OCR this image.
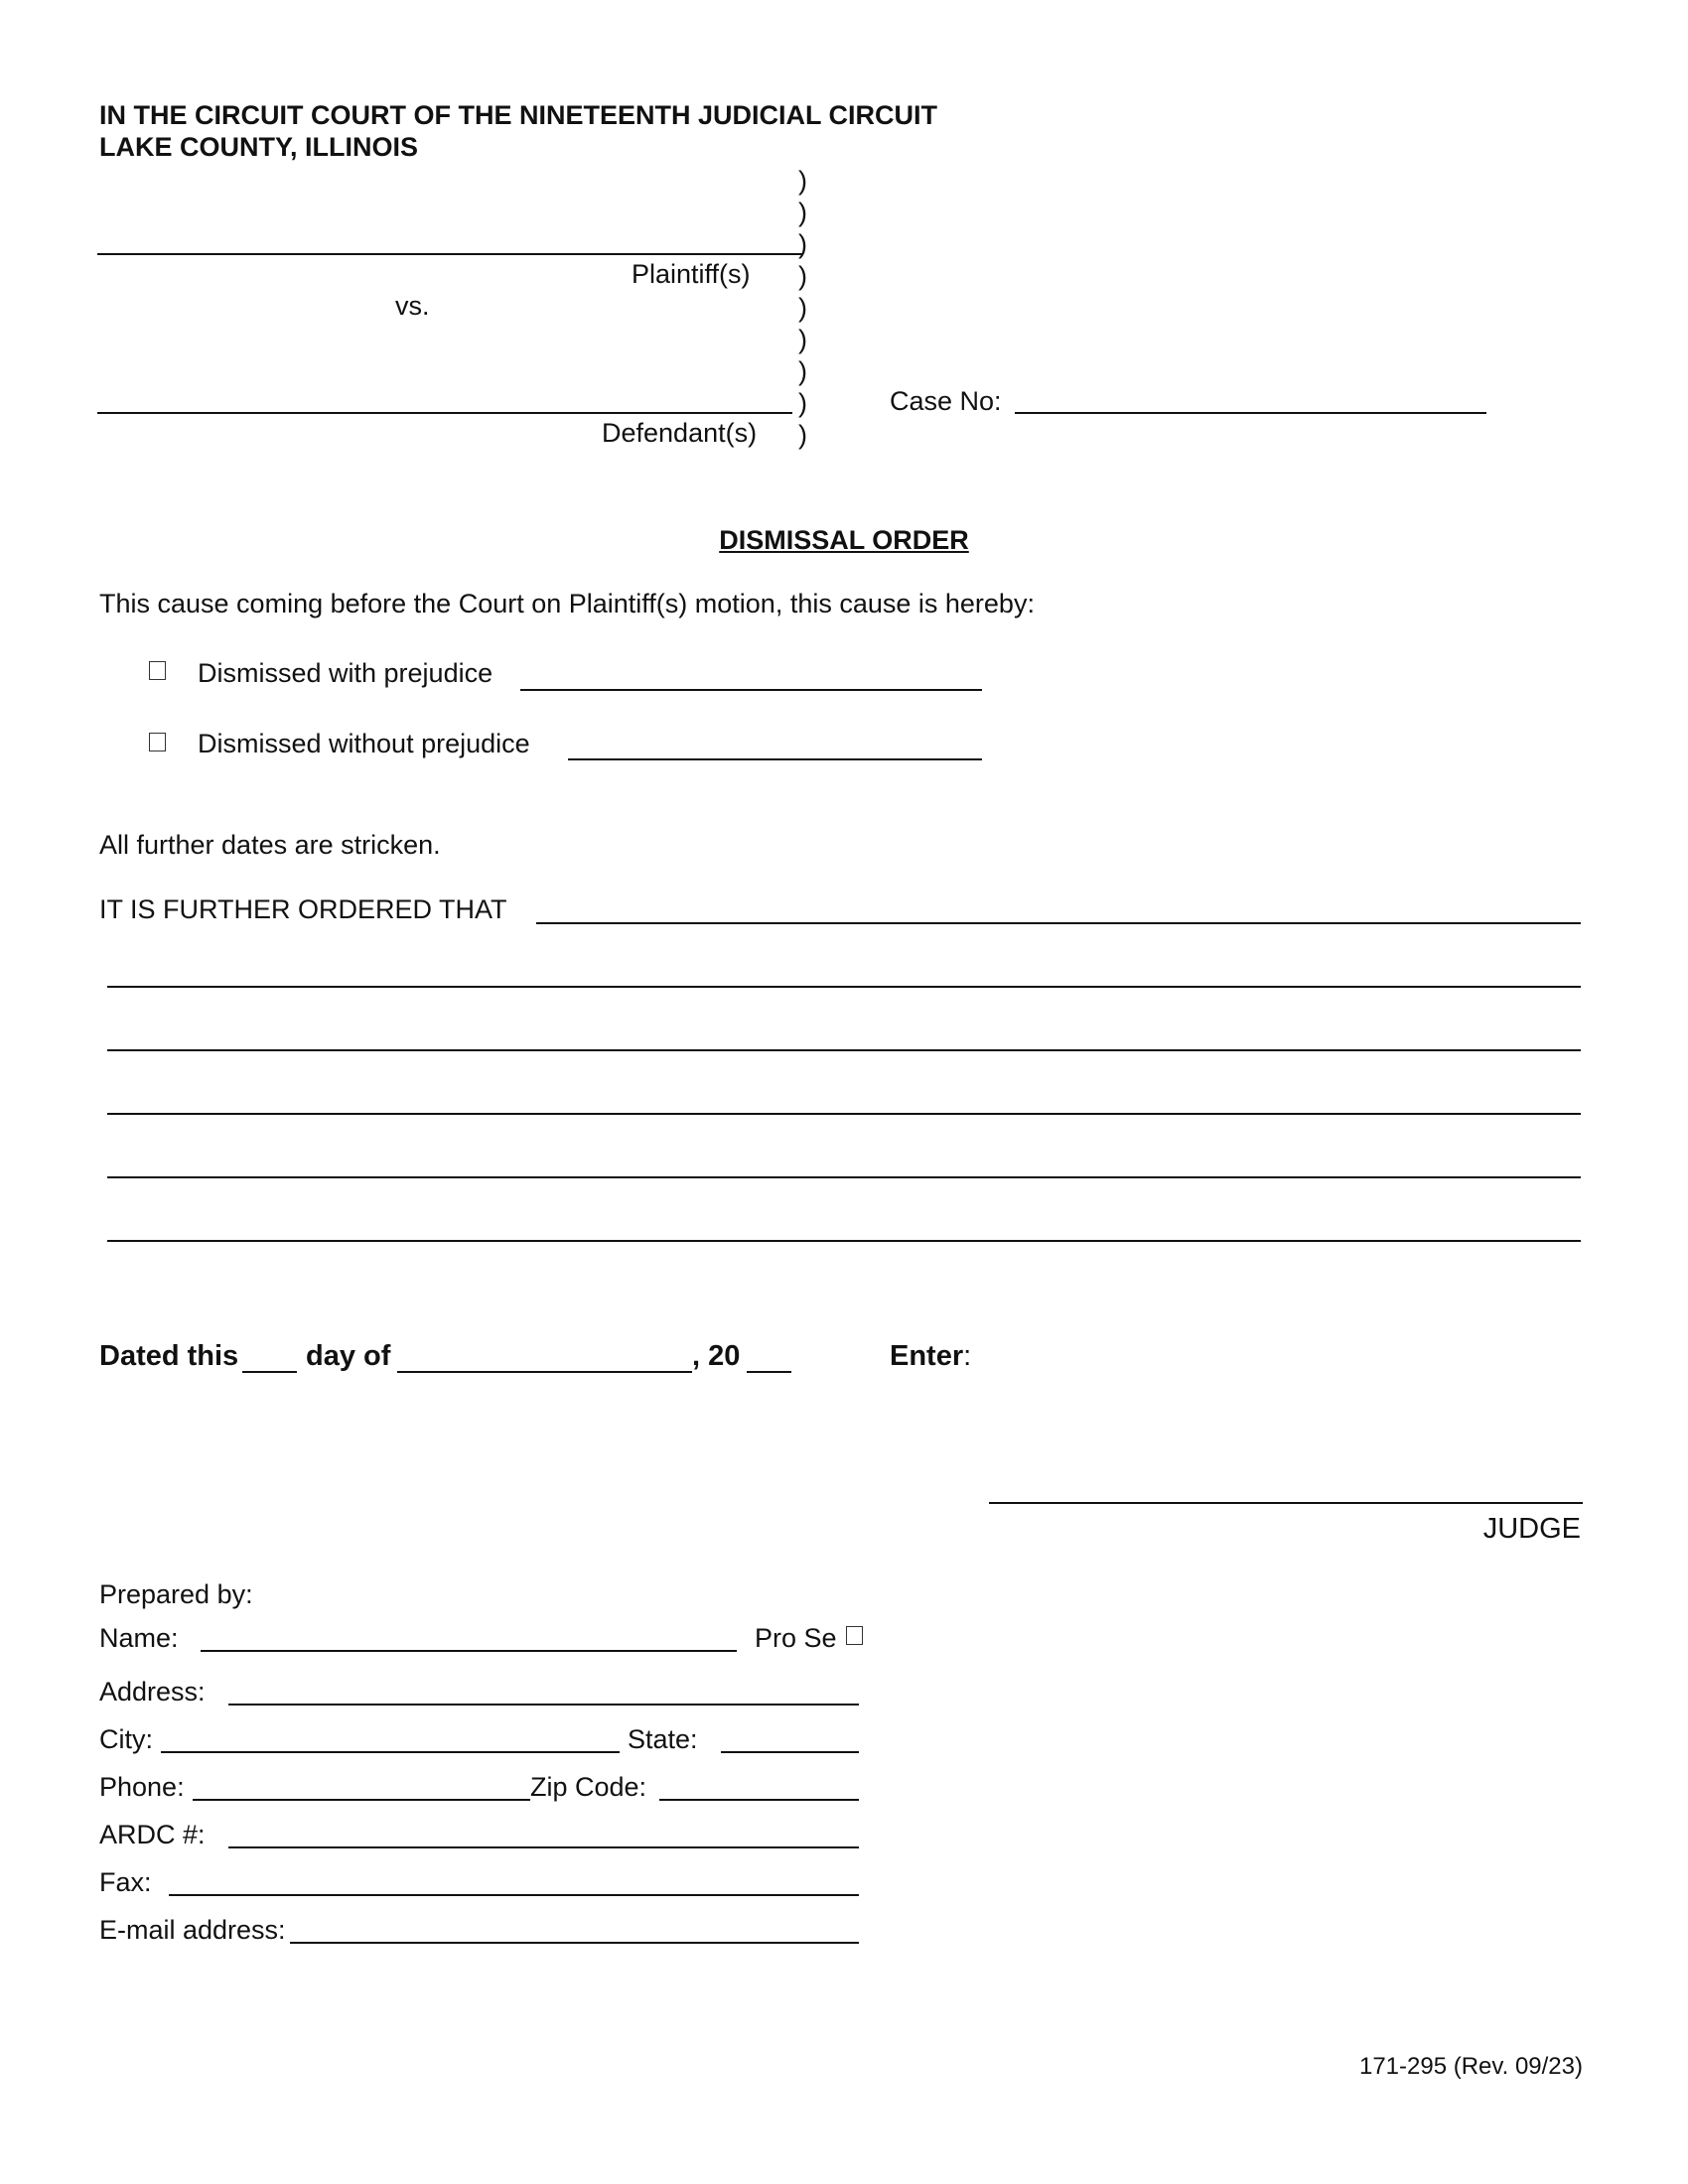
IN THE CIRCUIT COURT OF THE NINETEENTH JUDICIAL CIRCUIT
LAKE COUNTY, ILLINOIS
)
)
)
)
)
)
)
)
)
Plaintiff(s)
vs.
Defendant(s)
Case No:
DISMISSAL ORDER
This cause coming before the Court on Plaintiff(s) motion, this cause is hereby:
Dismissed with prejudice
Dismissed without prejudice
All further dates are stricken.
IT IS FURTHER ORDERED THAT
Dated this day of	, 20	Enter:
JUDGE
Prepared by:
Name:	Pro Se
Address:
City:	State:
Phone:	Zip Code:
ARDC #:
Fax:
E-mail address:
171-295 (Rev. 09/23)
